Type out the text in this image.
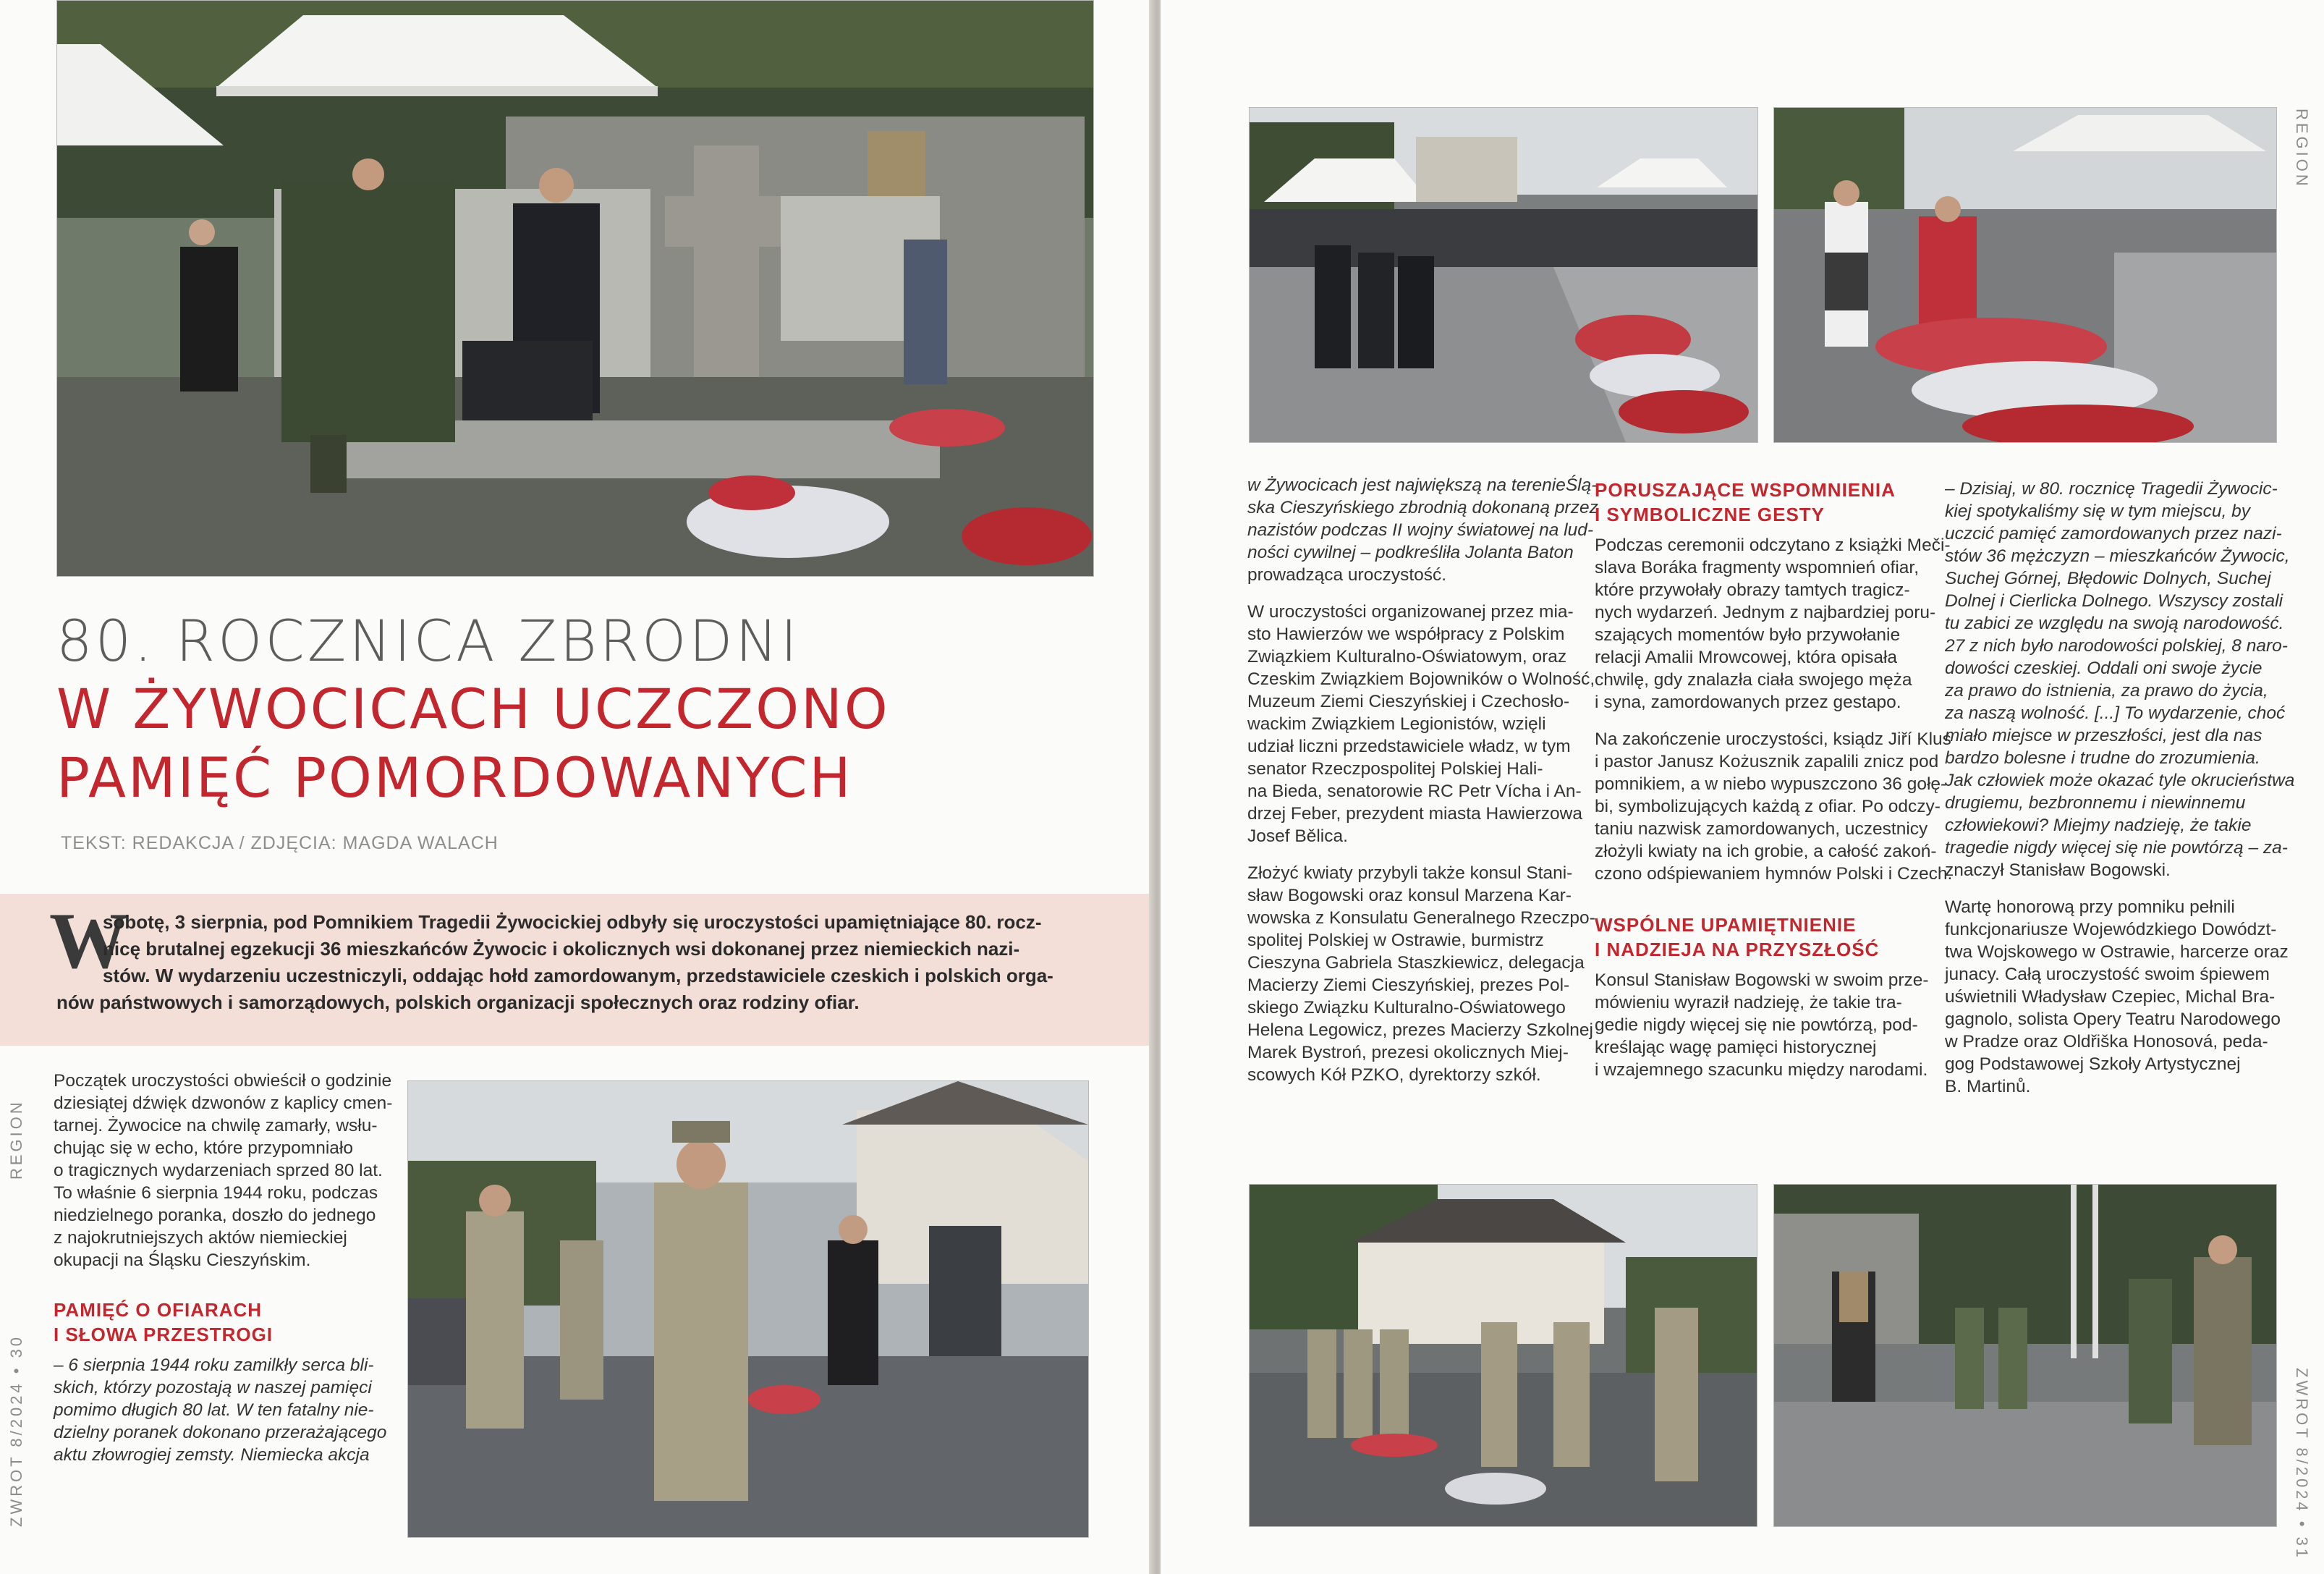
80. ROCZNICA ZBRODNI
W ŻYWOCICACH UCZCZONO
PAMIĘĆ POMORDOWANYCH
TEKST: REDAKCJA / ZDJĘCIA: MAGDA WALACH
W
sobotę, 3 sierpnia, pod Pomnikiem Tragedii Żywocickiej odbyły się uroczystości upamiętniające 80. rocz-
nicę brutalnej egzekucji 36 mieszkańców Żywocic i okolicznych wsi dokonanej przez niemieckich nazi-
stów. W wydarzeniu uczestniczyli, oddając hołd zamordowanym, przedstawiciele czeskich i polskich orga-
nów państwowych i samorządowych, polskich organizacji społecznych oraz rodziny ofiar.
Początek uroczystości obwieścił o godzinie
dziesiątej dźwięk dzwonów z kaplicy cmen-
tarnej. Żywocice na chwilę zamarły, wsłu-
chując się w echo, które przypomniało
o tragicznych wydarzeniach sprzed 80 lat.
To właśnie 6 sierpnia 1944 roku, podczas
niedzielnego poranka, doszło do jednego
z najokrutniejszych aktów niemieckiej
okupacji na Śląsku Cieszyńskim.
PAMIĘĆ O OFIARACH
I SŁOWA PRZESTROGI
– 6 sierpnia 1944 roku zamilkły serca bli-
skich, którzy pozostają w naszej pamięci
pomimo długich 80 lat. W ten fatalny nie-
dzielny poranek dokonano przerażającego
aktu złowrogiej zemsty. Niemiecka akcja
REGION
ZWROT 8/2024 • 30
w Żywocicach jest największą na terenieŚlą-
ska Cieszyńskiego zbrodnią dokonaną przez
nazistów podczas II wojny światowej na lud-
ności cywilnej – podkreśliła Jolanta Baton
prowadząca uroczystość.
W uroczystości organizowanej przez mia-
sto Hawierzów we współpracy z Polskim
Związkiem Kulturalno-Oświatowym, oraz
Czeskim Związkiem Bojowników o Wolność,
Muzeum Ziemi Cieszyńskiej i Czechosło-
wackim Związkiem Legionistów, wzięli
udział liczni przedstawiciele władz, w tym
senator Rzeczpospolitej Polskiej Hali-
na Bieda, senatorowie RC Petr Vícha i An-
drzej Feber, prezydent miasta Hawierzowa
Josef Bělica.
Złożyć kwiaty przybyli także konsul Stani-
sław Bogowski oraz konsul Marzena Kar-
wowska z Konsulatu Generalnego Rzeczpo-
spolitej Polskiej w Ostrawie, burmistrz
Cieszyna Gabriela Staszkiewicz, delegacja
Macierzy Ziemi Cieszyńskiej, prezes Pol-
skiego Związku Kulturalno-Oświatowego
Helena Legowicz, prezes Macierzy Szkolnej
Marek Bystroń, prezesi okolicznych Miej-
scowych Kół PZKO, dyrektorzy szkół.
PORUSZAJĄCE WSPOMNIENIA
I SYMBOLICZNE GESTY
Podczas ceremonii odczytano z książki Meči-
slava Boráka fragmenty wspomnień ofiar,
które przywołały obrazy tamtych tragicz-
nych wydarzeń. Jednym z najbardziej poru-
szających momentów było przywołanie
relacji Amalii Mrowcowej, która opisała
chwilę, gdy znalazła ciała swojego męża
i syna, zamordowanych przez gestapo.
Na zakończenie uroczystości, ksiądz Jiří Klus
i pastor Janusz Kożusznik zapalili znicz pod
pomnikiem, a w niebo wypuszczono 36 gołę-
bi, symbolizujących każdą z ofiar. Po odczy-
taniu nazwisk zamordowanych, uczestnicy
złożyli kwiaty na ich grobie, a całość zakoń-
czono odśpiewaniem hymnów Polski i Czech.
WSPÓLNE UPAMIĘTNIENIE
I NADZIEJA NA PRZYSZŁOŚĆ
Konsul Stanisław Bogowski w swoim prze-
mówieniu wyraził nadzieję, że takie tra-
gedie nigdy więcej się nie powtórzą, pod-
kreślając wagę pamięci historycznej
i wzajemnego szacunku między narodami.
– Dzisiaj, w 80. rocznicę Tragedii Żywocic-
kiej spotykaliśmy się w tym miejscu, by
uczcić pamięć zamordowanych przez nazi-
stów 36 mężczyzn – mieszkańców Żywocic,
Suchej Górnej, Błędowic Dolnych, Suchej
Dolnej i Cierlicka Dolnego. Wszyscy zostali
tu zabici ze względu na swoją narodowość.
27 z nich było narodowości polskiej, 8 naro-
dowości czeskiej. Oddali oni swoje życie
za prawo do istnienia, za prawo do życia,
za naszą wolność. [...] To wydarzenie, choć
miało miejsce w przeszłości, jest dla nas
bardzo bolesne i trudne do zrozumienia.
Jak człowiek może okazać tyle okrucieństwa
drugiemu, bezbronnemu i niewinnemu
człowiekowi? Miejmy nadzieję, że takie
tragedie nigdy więcej się nie powtórzą – za-
znaczył Stanisław Bogowski.
Wartę honorową przy pomniku pełnili
funkcjonariusze Wojewódzkiego Dowództ-
twa Wojskowego w Ostrawie, harcerze oraz
junacy. Całą uroczystość swoim śpiewem
uświetnili Władysław Czepiec, Michal Bra-
gagnolo, solista Opery Teatru Narodowego
w Pradze oraz Oldřiška Honosová, peda-
gog Podstawowej Szkoły Artystycznej
B. Martinů.
REGION
ZWROT 8/2024 • 31
